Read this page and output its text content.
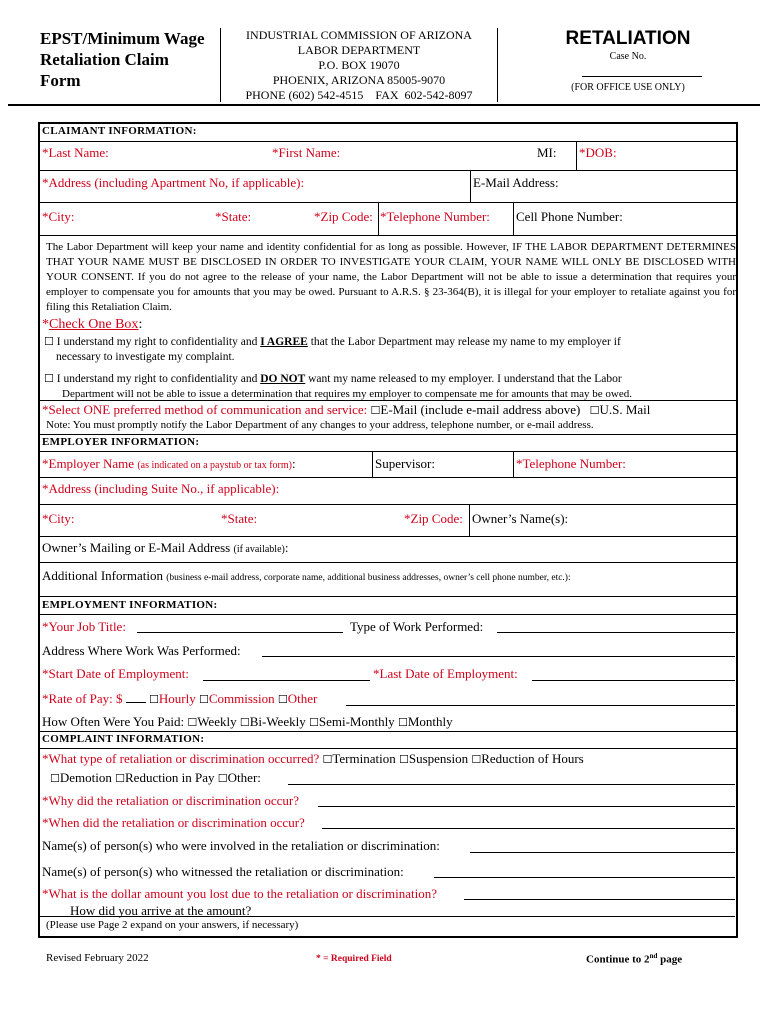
EPST/Minimum Wage
Retaliation Claim
Form
INDUSTRIAL COMMISSION OF ARIZONA
LABOR DEPARTMENT
P.O. BOX 19070
PHOENIX, ARIZONA 85005-9070
PHONE (602) 542-4515    FAX  602-542-8097
RETALIATION
Case No.
(FOR OFFICE USE ONLY)
CLAIMANT INFORMATION:
*Last Name:	*First Name:	MI: *DOB:
*Address (including Apartment No, if applicable):	E-Mail Address:
*City:	*State:	*Zip Code: *Telephone Number: Cell Phone Number:
The Labor Department will keep your name and identity confidential for as long as possible. However, IF THE LABOR DEPARTMENT DETERMINES THAT YOUR NAME MUST BE DISCLOSED IN ORDER TO INVESTIGATE YOUR CLAIM, YOUR NAME WILL ONLY BE DISCLOSED WITH YOUR CONSENT. If you do not agree to the release of your name, the Labor Department will not be able to issue a determination that requires your employer to compensate you for amounts that you may be owed. Pursuant to A.R.S. § 23-364(B), it is illegal for your employer to retaliate against you for filing this Retaliation Claim.
*Check One Box:
☐ I understand my right to confidentiality and I AGREE that the Labor Department may release my name to my employer if
necessary to investigate my complaint.
☐ I understand my right to confidentiality and DO NOT want my name released to my employer. I understand that the Labor
Department will not be able to issue a determination that requires my employer to compensate me for amounts that may be owed.
*Select ONE preferred method of communication and service: ☐E-Mail (include e-mail address above) ☐U.S. Mail
Note: You must promptly notify the Labor Department of any changes to your address, telephone number, or e-mail address.
EMPLOYER INFORMATION:
*Employer Name (as indicated on a paystub or tax form):	Supervisor:	*Telephone Number:
*Address (including Suite No., if applicable):
*City:	*State:	*Zip Code: Owner’s Name(s):
Owner’s Mailing or E-Mail Address (if available):
Additional Information (business e-mail address, corporate name, additional business addresses, owner’s cell phone number, etc.):
EMPLOYMENT INFORMATION:
*Your Job Title:	Type of Work Performed:
Address Where Work Was Performed:
*Start Date of Employment:	*Last Date of Employment:
*Rate of Pay: $ ☐Hourly ☐Commission ☐Other
How Often Were You Paid: ☐Weekly ☐Bi-Weekly ☐Semi-Monthly ☐Monthly
COMPLAINT INFORMATION:
*What type of retaliation or discrimination occurred? ☐Termination ☐Suspension ☐Reduction of Hours
☐Demotion ☐Reduction in Pay ☐Other:
*Why did the retaliation or discrimination occur?
*When did the retaliation or discrimination occur?
Name(s) of person(s) who were involved in the retaliation or discrimination:
Name(s) of person(s) who witnessed the retaliation or discrimination:
*What is the dollar amount you lost due to the retaliation or discrimination?
How did you arrive at the amount?
(Please use Page 2 expand on your answers, if necessary)
Revised February 2022	* = Required Field	Continue to 2nd page
